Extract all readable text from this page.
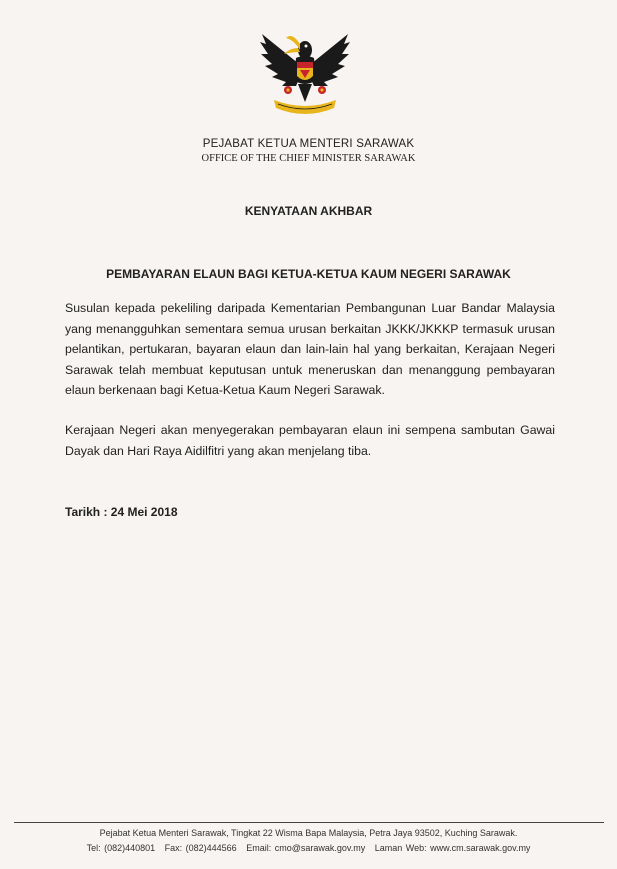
PEJABAT KETUA MENTERI SARAWAK
OFFICE OF THE CHIEF MINISTER SARAWAK
KENYATAAN AKHBAR
PEMBAYARAN ELAUN BAGI KETUA-KETUA KAUM NEGERI SARAWAK
Susulan kepada pekeliling daripada Kementarian Pembangunan Luar Bandar Malaysia yang menangguhkan sementara semua urusan berkaitan JKKK/JKKKP termasuk urusan pelantikan, pertukaran, bayaran elaun dan lain-lain hal yang berkaitan, Kerajaan Negeri Sarawak telah membuat keputusan untuk meneruskan dan menanggung pembayaran elaun berkenaan bagi Ketua-Ketua Kaum Negeri Sarawak.
Kerajaan Negeri akan menyegerakan pembayaran elaun ini sempena sambutan Gawai Dayak dan Hari Raya Aidilfitri yang akan menjelang tiba.
Tarikh : 24 Mei 2018
Pejabat Ketua Menteri Sarawak, Tingkat 22 Wisma Bapa Malaysia, Petra Jaya 93502, Kuching Sarawak.
Tel: (082)440801 Fax: (082)444566 Email: cmo@sarawak.gov.my Laman Web: www.cm.sarawak.gov.my
